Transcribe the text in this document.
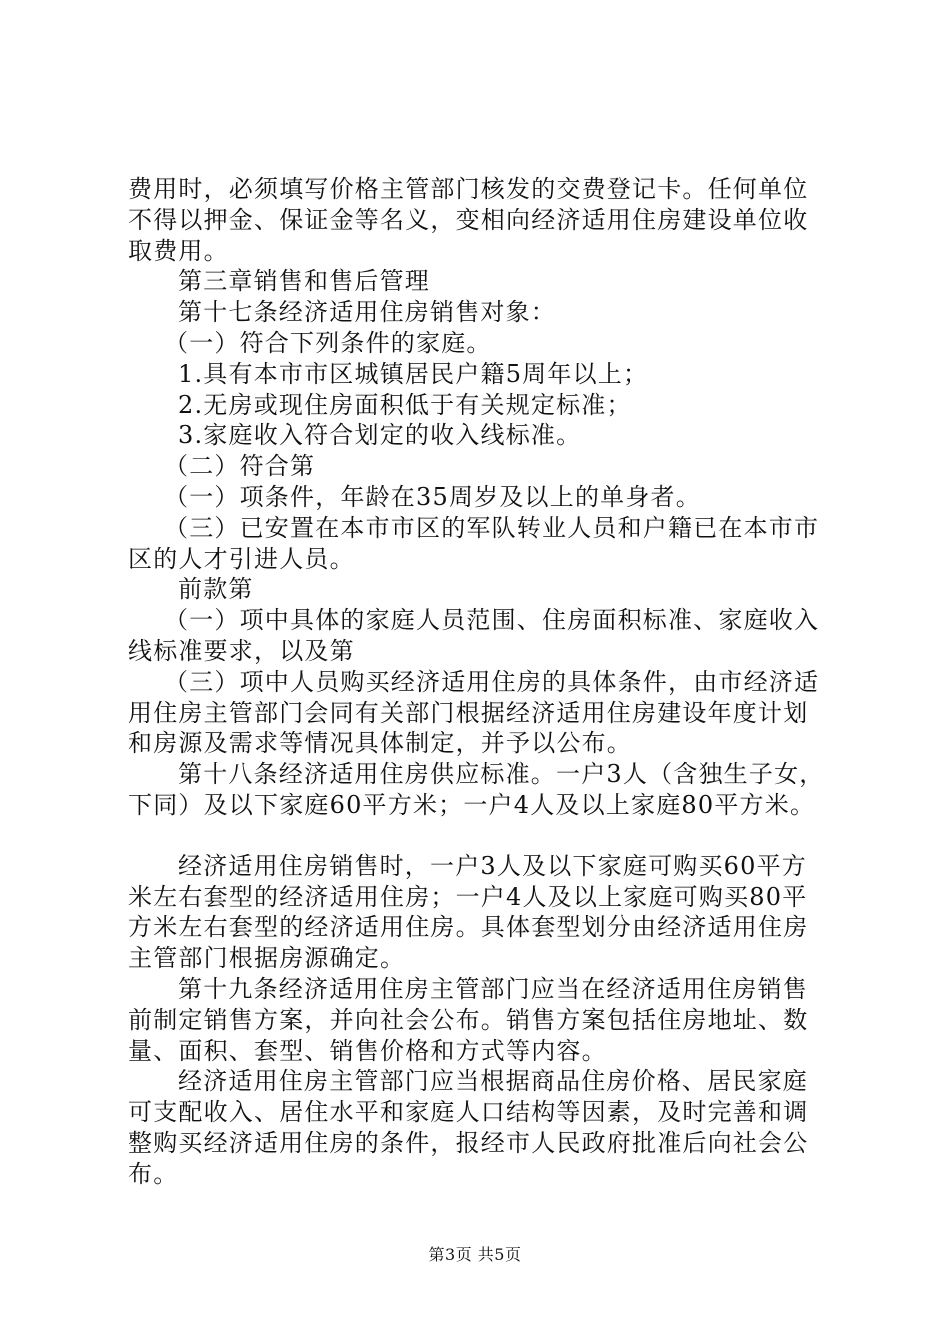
费用时，必须填写价格主管部门核发的交费登记卡。任何单位不得以押金、保证金等名义，变相向经济适用住房建设单位收取费用。

第三章销售和售后管理

第十七条经济适用住房销售对象：

（一）符合下列条件的家庭。

1.具有本市市区城镇居民户籍5周年以上；

2.无房或现住房面积低于有关规定标准；

3.家庭收入符合划定的收入线标准。

（二）符合第

（一）项条件，年龄在35周岁及以上的单身者。

（三）已安置在本市市区的军队转业人员和户籍已在本市市区的人才引进人员。

前款第

（一）项中具体的家庭人员范围、住房面积标准、家庭收入线标准要求，以及第

（三）项中人员购买经济适用住房的具体条件，由市经济适用住房主管部门会同有关部门根据经济适用住房建设年度计划和房源及需求等情况具体制定，并予以公布。

第十八条经济适用住房供应标准。一户3人（含独生子女，下同）及以下家庭60平方米；一户4人及以上家庭80平方米。

经济适用住房销售时，一户3人及以下家庭可购买60平方米左右套型的经济适用住房；一户4人及以上家庭可购买80平方米左右套型的经济适用住房。具体套型划分由经济适用住房主管部门根据房源确定。

第十九条经济适用住房主管部门应当在经济适用住房销售前制定销售方案，并向社会公布。销售方案包括住房地址、数量、面积、套型、销售价格和方式等内容。

经济适用住房主管部门应当根据商品住房价格、居民家庭可支配收入、居住水平和家庭人口结构等因素，及时完善和调整购买经济适用住房的条件，报经市人民政府批准后向社会公布。

第3页 共5页
